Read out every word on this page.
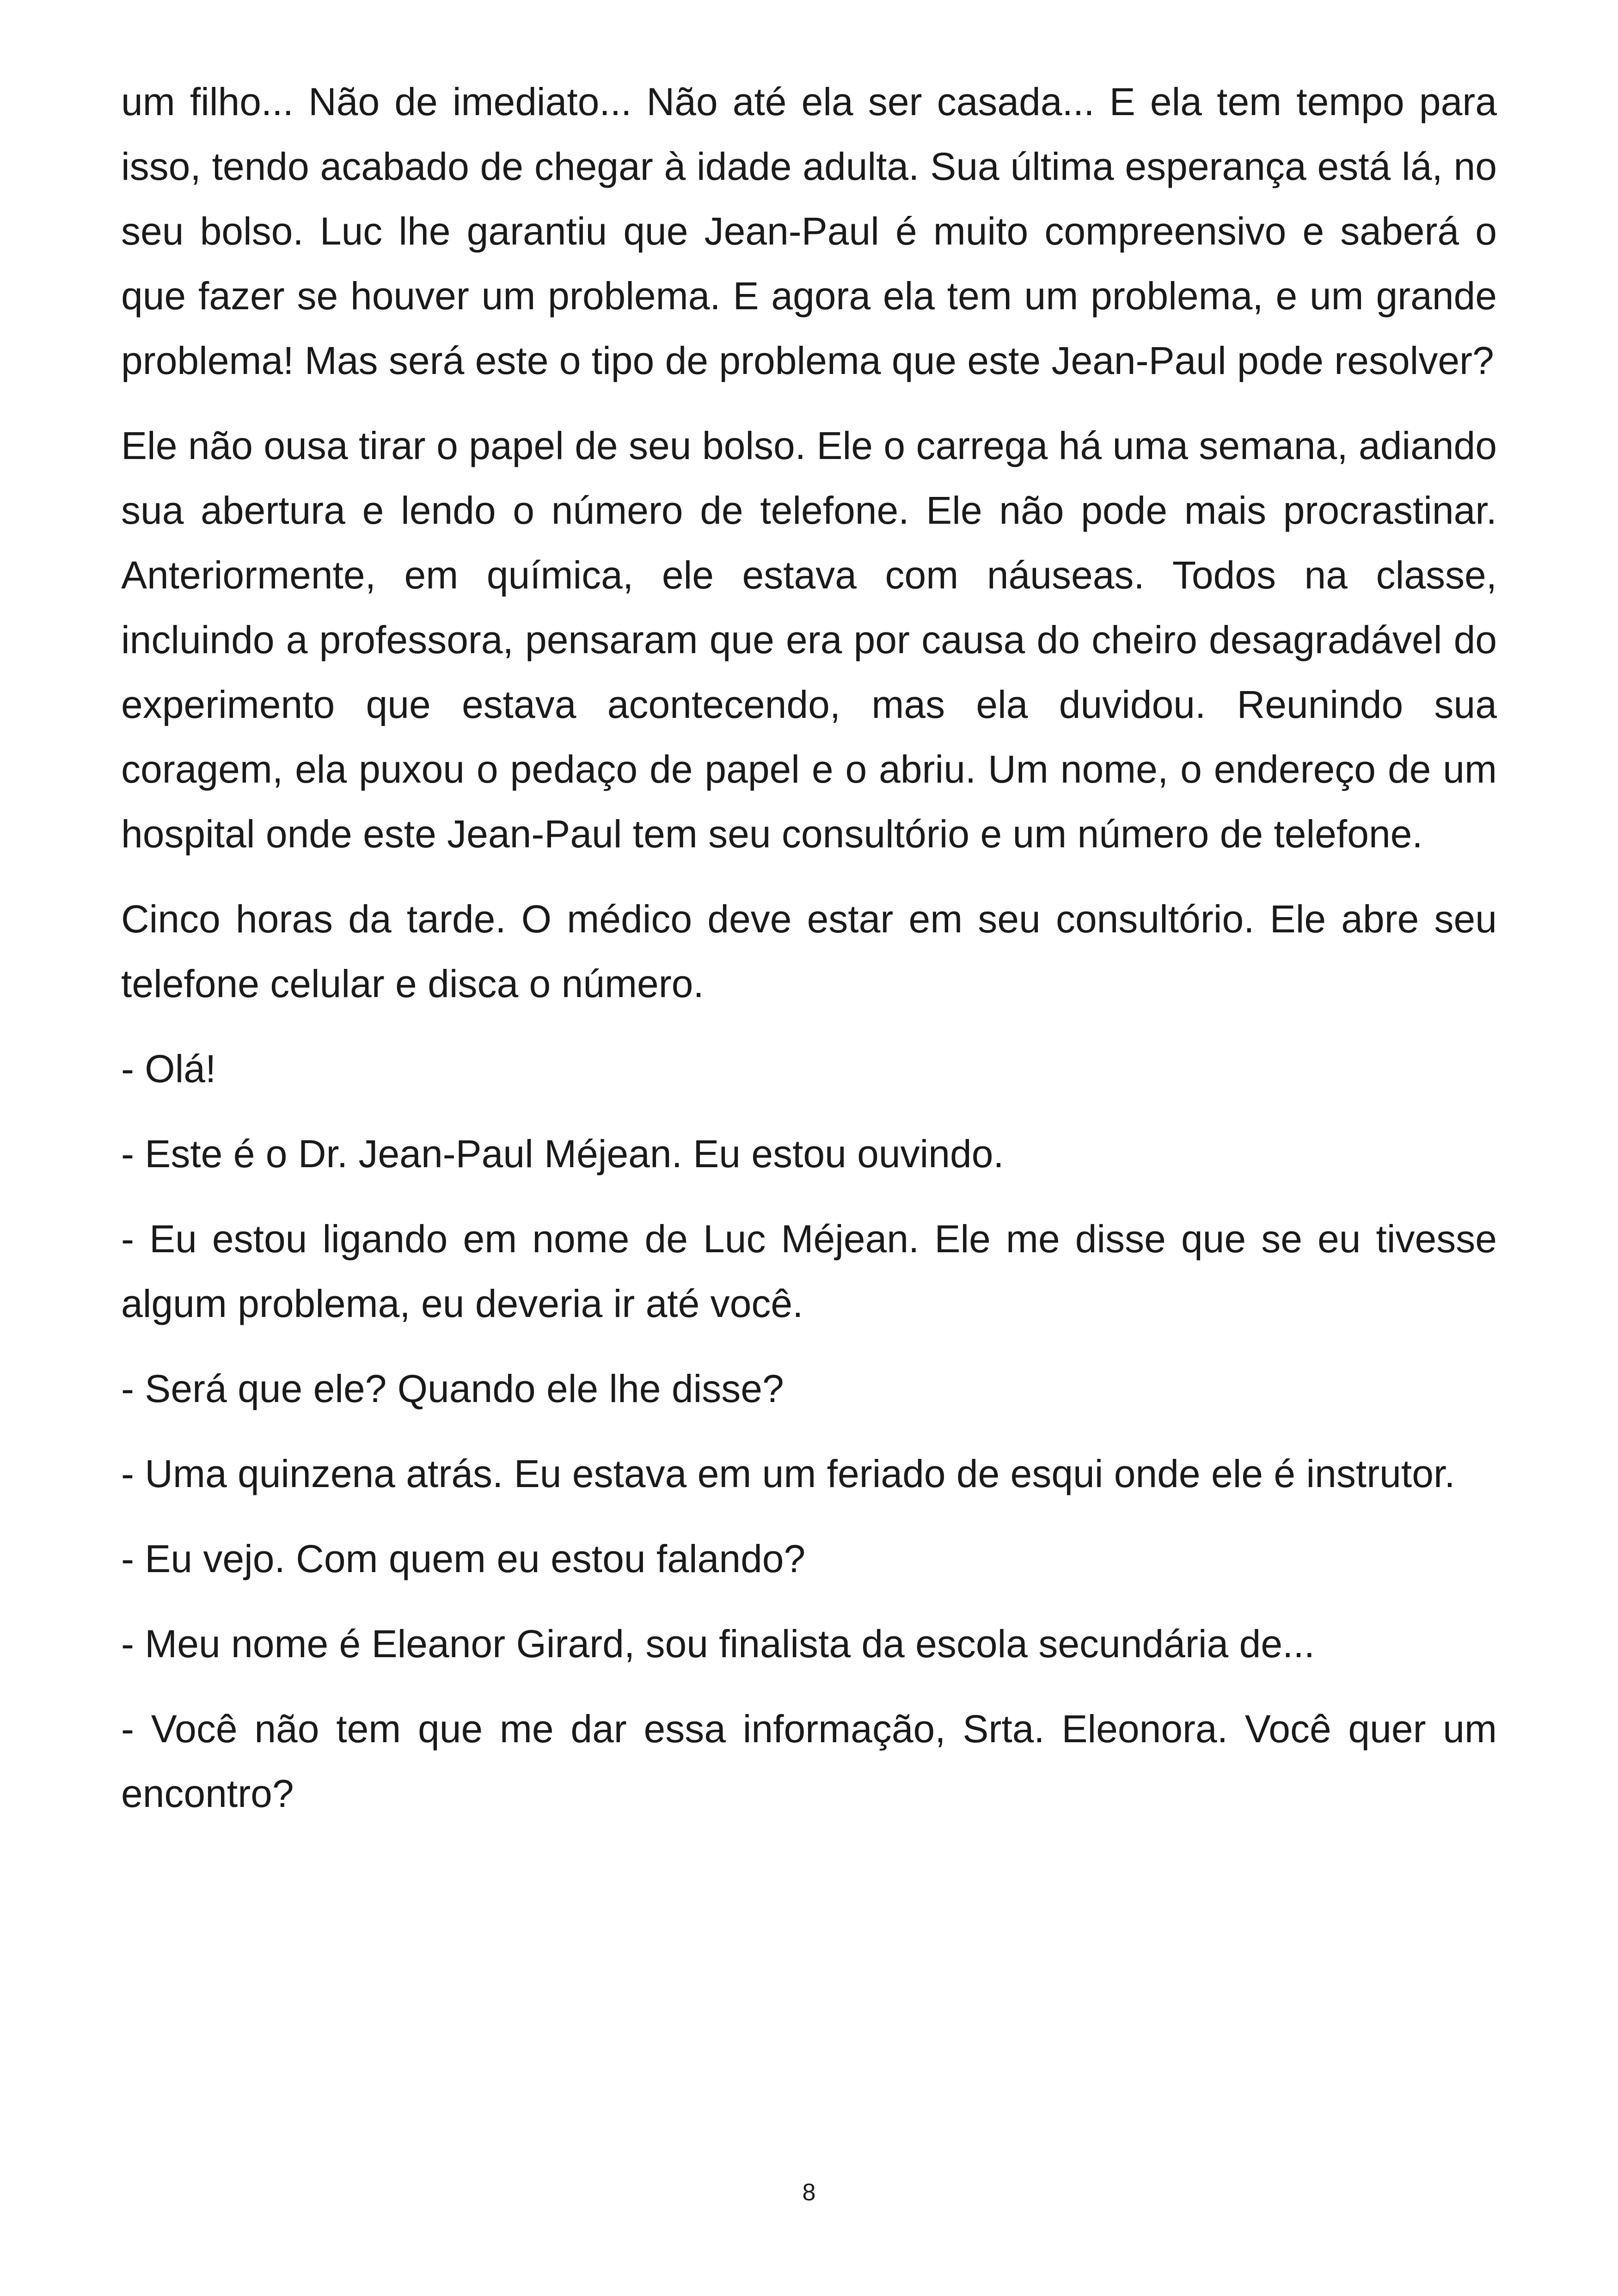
um filho... Não de imediato... Não até ela ser casada... E ela tem tempo para isso, tendo acabado de chegar à idade adulta. Sua última esperança está lá, no seu bolso. Luc lhe garantiu que Jean-Paul é muito compreensivo e saberá o que fazer se houver um problema. E agora ela tem um problema, e um grande problema! Mas será este o tipo de problema que este Jean-Paul pode resolver?

Ele não ousa tirar o papel de seu bolso. Ele o carrega há uma semana, adiando sua abertura e lendo o número de telefone. Ele não pode mais procrastinar. Anteriormente, em química, ele estava com náuseas. Todos na classe, incluindo a professora, pensaram que era por causa do cheiro desagradável do experimento que estava acontecendo, mas ela duvidou. Reunindo sua coragem, ela puxou o pedaço de papel e o abriu. Um nome, o endereço de um hospital onde este Jean-Paul tem seu consultório e um número de telefone.

Cinco horas da tarde. O médico deve estar em seu consultório. Ele abre seu telefone celular e disca o número.

- Olá!

- Este é o Dr. Jean-Paul Méjean. Eu estou ouvindo.

- Eu estou ligando em nome de Luc Méjean. Ele me disse que se eu tivesse algum problema, eu deveria ir até você.

- Será que ele? Quando ele lhe disse?

- Uma quinzena atrás. Eu estava em um feriado de esqui onde ele é instrutor.

- Eu vejo. Com quem eu estou falando?

- Meu nome é Eleanor Girard, sou finalista da escola secundária de...

- Você não tem que me dar essa informação, Srta. Eleonora. Você quer um encontro?

8
